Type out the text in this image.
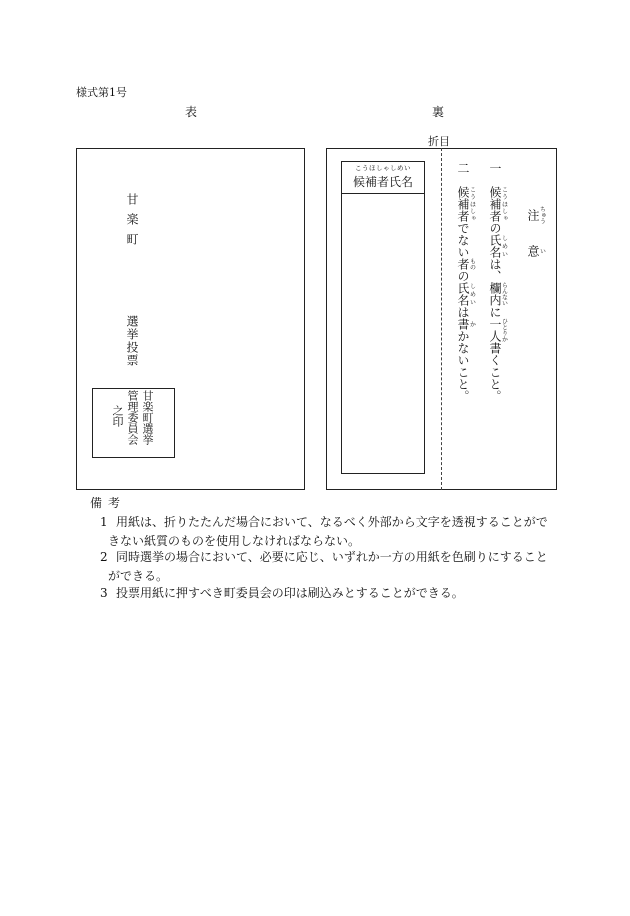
様式第1号
表	裏
折目
甘楽町
選挙投票
甘楽町選挙
管理委員会
之印
こうほしゃしめい
候補者氏名
注ちゅう　　意い
一　候補者こうほしゃの氏名しめいは、欄内らんないに一人ひとりか書くこと。
二　候補者こうほしゃでない者ものの氏名しめいは書かかないこと。
備考
1 用紙は、折りたたんだ場合において、なるべく外部から文字を透視することがで
きない紙質のものを使用しなければならない。
2 同時選挙の場合において、必要に応じ、いずれか一方の用紙を色刷りにすること
ができる。
3 投票用紙に押すべき町委員会の印は刷込みとすることができる。
